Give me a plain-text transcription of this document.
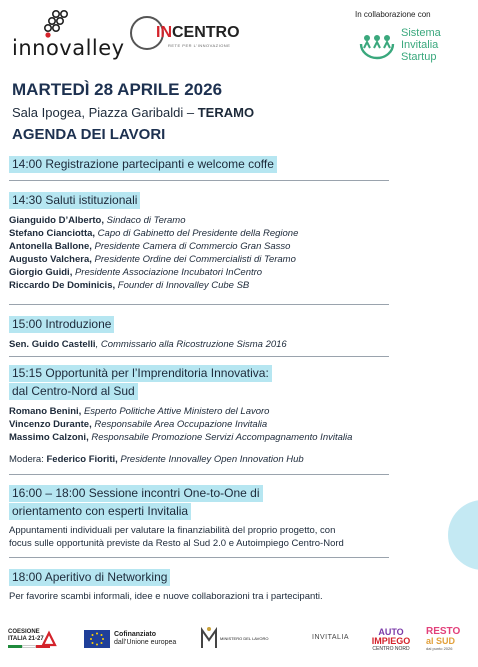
innovalley
INCENTRO
RETE PER L'INNOVAZIONE
In collaborazione con
Sistema
Invitalia
Startup
MARTEDÌ 28 APRILE 2026
Sala Ipogea, Piazza Garibaldi – TERAMO
AGENDA DEI LAVORI
14:00 Registrazione partecipanti e welcome coffe
14:30 Saluti istituzionali
Gianguido D’Alberto, Sindaco di Teramo
Stefano Cianciotta, Capo di Gabinetto del Presidente della Regione
Antonella Ballone, Presidente Camera di Commercio Gran Sasso
Augusto Valchera, Presidente Ordine dei Commercialisti di Teramo
Giorgio Guidi, Presidente Associazione Incubatori InCentro
Riccardo De Dominicis, Founder di Innovalley Cube SB
15:00 Introduzione
Sen. Guido Castelli, Commissario alla Ricostruzione Sisma 2016
15:15 Opportunità per l’Imprenditoria Innovativa:
dal Centro-Nord al Sud
Romano Benini, Esperto Politiche Attive Ministero del Lavoro
Vincenzo Durante, Responsabile Area Occupazione Invitalia
Massimo Calzoni, Responsabile Promozione Servizi Accompagnamento Invitalia
Modera: Federico Fioriti, Presidente Innovalley Open Innovation Hub
16:00 – 18:00 Sessione incontri One-to-One di
orientamento con esperti Invitalia
Appuntamenti individuali per valutare la finanziabilità del proprio progetto, con
focus sulle opportunità previste da Resto al Sud 2.0 e Autoimpiego Centro-Nord
18:00 Aperitivo di Networking
Per favorire scambi informali, idee e nuove collaborazioni tra i partecipanti.
COESIONE
ITALIA 21-27
Cofinanziato
dall’Unione europea
MINISTERO DEL LAVORO	INVITALIA
AUTO
IMPIEGO
CENTRO NORD
RESTO
al SUD
dal punto 2026
